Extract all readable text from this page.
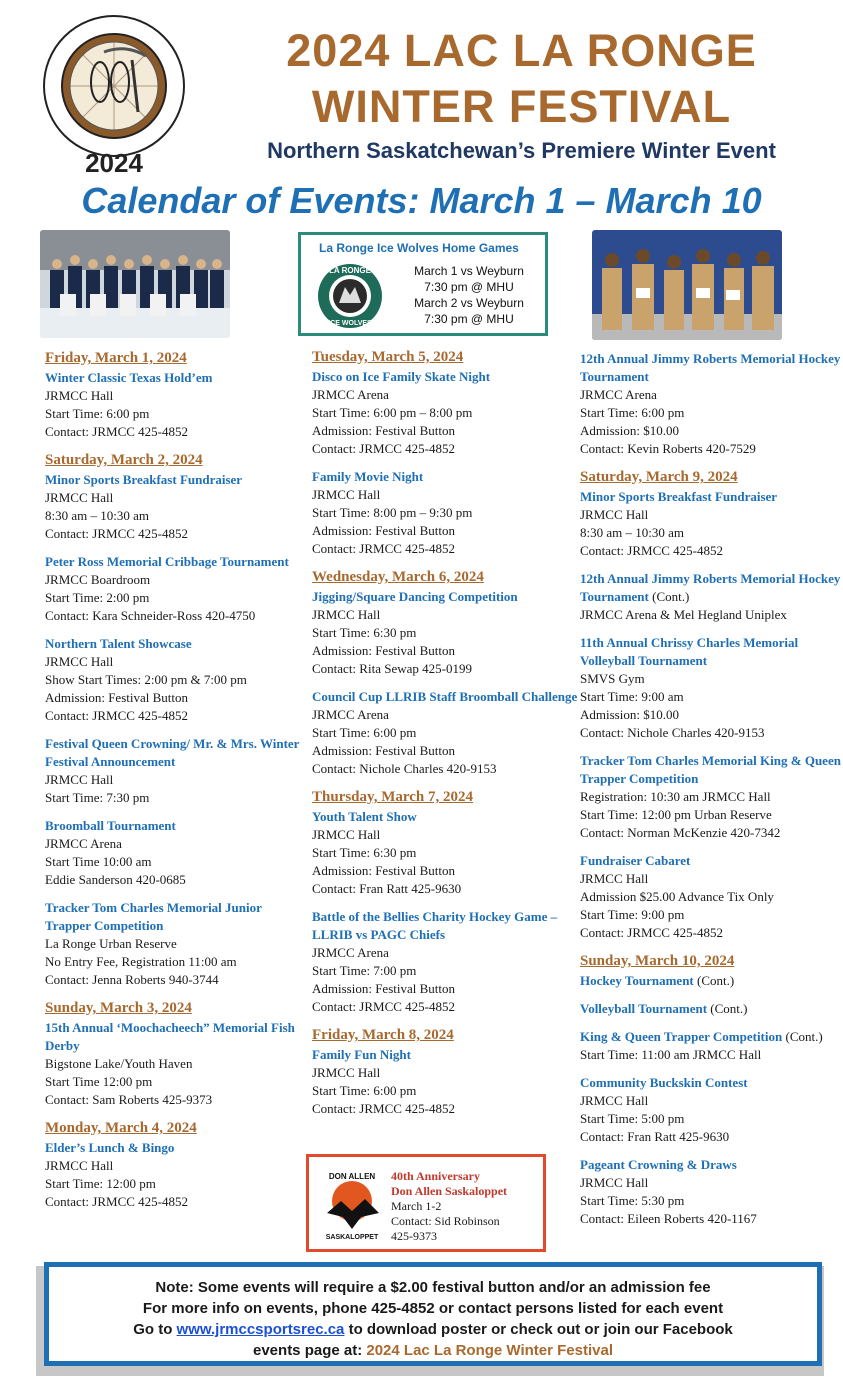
2024
2024 LAC LA RONGE
WINTER FESTIVAL
Northern Saskatchewan’s Premiere Winter Event
Calendar of Events: March 1 – March 10
La Ronge Ice Wolves Home Games
LA RONGE
ICE WOLVES
March 1 vs Weyburn
7:30 pm @ MHU
March 2 vs Weyburn
7:30 pm @ MHU
Friday, March 1, 2024
Winter Classic Texas Hold’em
JRMCC Hall
Start Time: 6:00 pm
Contact: JRMCC 425-4852
Saturday, March 2, 2024
Minor Sports Breakfast Fundraiser
JRMCC Hall
8:30 am – 10:30 am
Contact: JRMCC 425-4852
Peter Ross Memorial Cribbage Tournament
JRMCC Boardroom
Start Time: 2:00 pm
Contact: Kara Schneider-Ross 420-4750
Northern Talent Showcase
JRMCC Hall
Show Start Times: 2:00 pm & 7:00 pm
Admission: Festival Button
Contact: JRMCC 425-4852
Festival Queen Crowning/ Mr. & Mrs. Winter Festival Announcement
JRMCC Hall
Start Time: 7:30 pm
Broomball Tournament
JRMCC Arena
Start Time 10:00 am
Eddie Sanderson 420-0685
Tracker Tom Charles Memorial Junior Trapper Competition
La Ronge Urban Reserve
No Entry Fee, Registration 11:00 am
Contact: Jenna Roberts 940-3744
Sunday, March 3, 2024
15th Annual ‘Moochacheech” Memorial Fish Derby
Bigstone Lake/Youth Haven
Start Time 12:00 pm
Contact: Sam Roberts 425-9373
Monday, March 4, 2024
Elder’s Lunch & Bingo
JRMCC Hall
Start Time: 12:00 pm
Contact: JRMCC 425-4852
Tuesday, March 5, 2024
Disco on Ice Family Skate Night
JRMCC Arena
Start Time: 6:00 pm – 8:00 pm
Admission: Festival Button
Contact: JRMCC 425-4852
Family Movie Night
JRMCC Hall
Start Time: 8:00 pm – 9:30 pm
Admission: Festival Button
Contact: JRMCC 425-4852
Wednesday, March 6, 2024
Jigging/Square Dancing Competition
JRMCC Hall
Start Time: 6:30 pm
Admission: Festival Button
Contact: Rita Sewap 425-0199
Council Cup LLRIB Staff Broomball Challenge
JRMCC Arena
Start Time: 6:00 pm
Admission: Festival Button
Contact: Nichole Charles 420-9153
Thursday, March 7, 2024
Youth Talent Show
JRMCC Hall
Start Time: 6:30 pm
Admission: Festival Button
Contact: Fran Ratt 425-9630
Battle of the Bellies Charity Hockey Game – LLRIB vs PAGC Chiefs
JRMCC Arena
Start Time: 7:00 pm
Admission: Festival Button
Contact: JRMCC 425-4852
Friday, March 8, 2024
Family Fun Night
JRMCC Hall
Start Time: 6:00 pm
Contact: JRMCC 425-4852
12th Annual Jimmy Roberts Memorial Hockey Tournament
JRMCC Arena
Start Time: 6:00 pm
Admission: $10.00
Contact: Kevin Roberts 420-7529
Saturday, March 9, 2024
Minor Sports Breakfast Fundraiser
JRMCC Hall
8:30 am – 10:30 am
Contact: JRMCC 425-4852
12th Annual Jimmy Roberts Memorial Hockey Tournament (Cont.)
JRMCC Arena & Mel Hegland Uniplex
11th Annual Chrissy Charles Memorial Volleyball Tournament
SMVS Gym
Start Time: 9:00 am
Admission: $10.00
Contact: Nichole Charles 420-9153
Tracker Tom Charles Memorial King & Queen Trapper Competition
Registration: 10:30 am JRMCC Hall
Start Time: 12:00 pm Urban Reserve
Contact: Norman McKenzie 420-7342
Fundraiser Cabaret
JRMCC Hall
Admission $25.00 Advance Tix Only
Start Time: 9:00 pm
Contact: JRMCC 425-4852
Sunday, March 10, 2024
Hockey Tournament (Cont.)
Volleyball Tournament (Cont.)
King & Queen Trapper Competition (Cont.)
Start Time: 11:00 am JRMCC Hall
Community Buckskin Contest
JRMCC Hall
Start Time: 5:00 pm
Contact: Fran Ratt 425-9630
Pageant Crowning & Draws
JRMCC Hall
Start Time: 5:30 pm
Contact: Eileen Roberts 420-1167
DON ALLEN
SASKALOPPET
40th Anniversary
Don Allen Saskaloppet
March 1-2
Contact: Sid Robinson
425-9373
Note: Some events will require a $2.00 festival button and/or an admission fee
For more info on events, phone 425-4852 or contact persons listed for each event
Go to www.jrmccsportsrec.ca to download poster or check out or join our Facebook
events page at: 2024 Lac La Ronge Winter Festival
